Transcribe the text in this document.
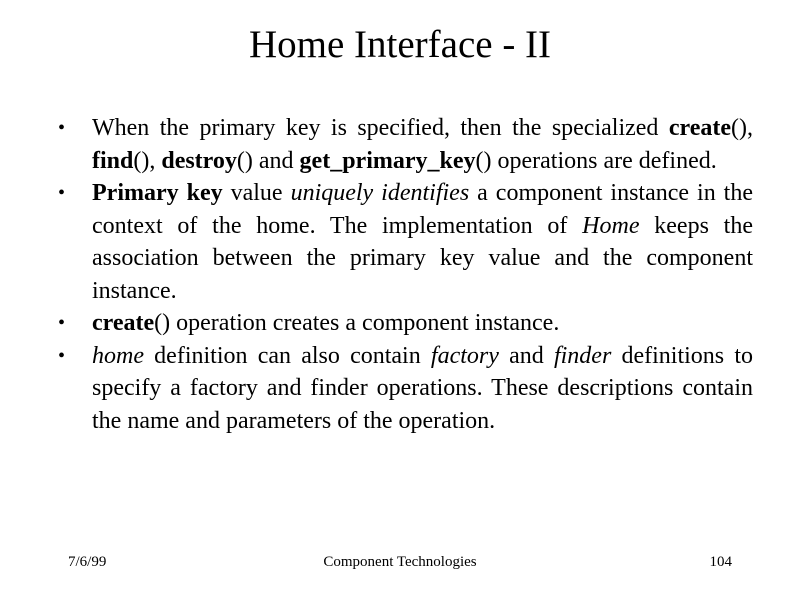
Home Interface - II
• When the primary key is specified, then the specialized create(), find(), destroy() and get_primary_key() operations are defined.
• Primary key value uniquely identifies a component instance in the context of the home. The implementation of Home keeps the association between the primary key value and the component instance.
• create() operation creates a component instance.
• home definition can also contain factory and finder definitions to specify a factory and finder operations. These descriptions contain the name and parameters of the operation.
7/6/99	Component Technologies	104
